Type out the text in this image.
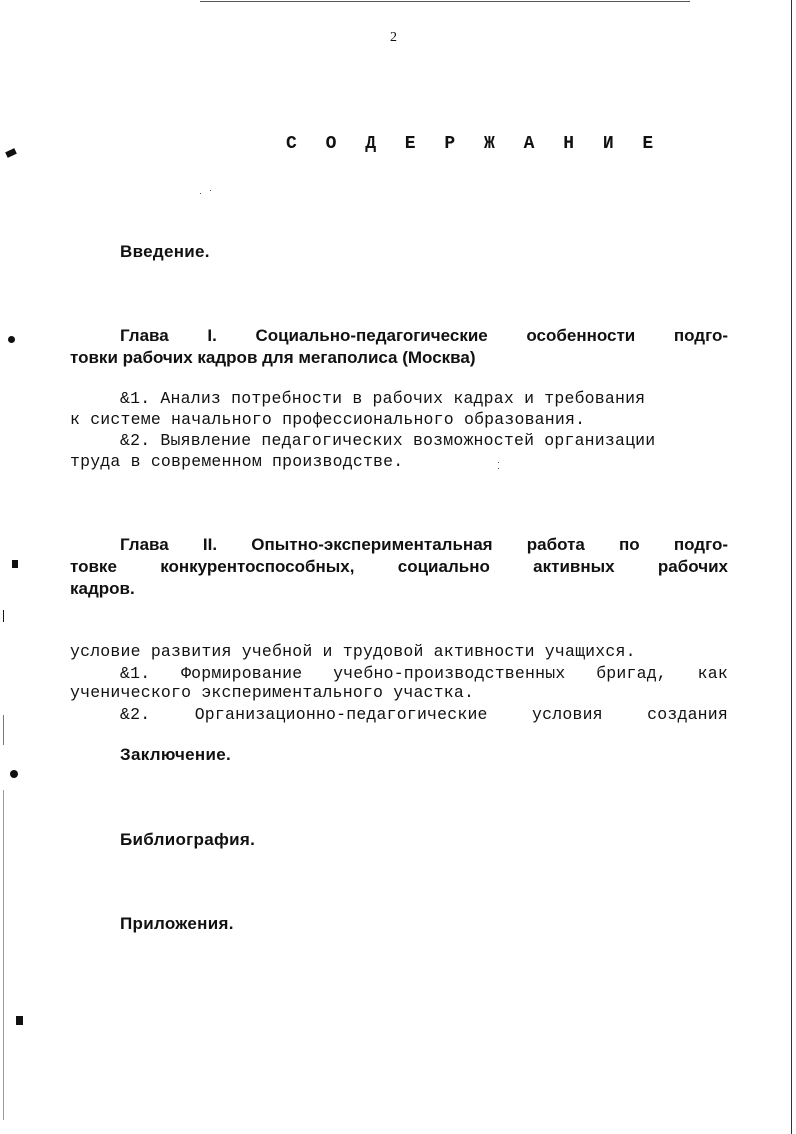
2
С О Д Е Р Ж А Н И Е
Введение.
Глава I. Социально-педагогические особенности подго-
товки рабочих кадров для мегаполиса (Москва)
&1. Анализ потребности в рабочих кадрах и требования
к системе начального профессионального образования.
&2. Выявление педагогических возможностей организации
труда в современном производстве.
Глава II. Опытно-экспериментальная работа по подго-
товке конкурентоспособных, социально активных рабочих
кадров.

&1. Формирование учебно-производственных бригад, как

условие развития учебной и трудовой активности учащихся.

&2. Организационно-педагогические условия создания

ученического экспериментального участка.
Заключение.
Библиография.
Приложения.
